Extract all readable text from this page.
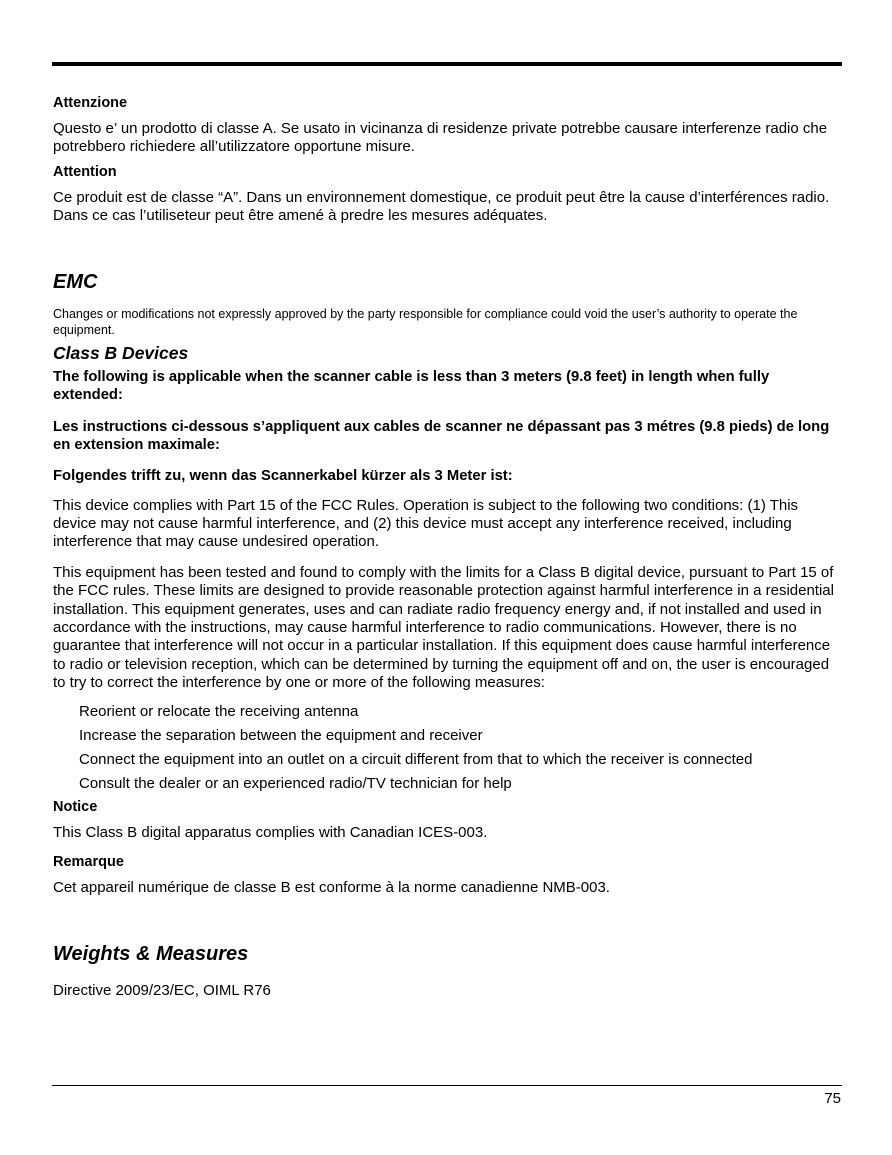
Attenzione

Questo e’ un prodotto di classe A. Se usato in vicinanza di residenze private potrebbe causare interferenze radio che potrebbero richiedere all’utilizzatore opportune misure.

Attention

Ce produit est de classe “A”. Dans un environnement domestique, ce produit peut être la cause d’interférences radio. Dans ce cas l’utiliseteur peut être amené à predre les mesures adéquates.

EMC

Changes or modifications not expressly approved by the party responsible for compliance could void the user’s authority to operate the equipment.

Class B Devices

The following is applicable when the scanner cable is less than 3 meters (9.8 feet) in length when fully extended:

Les instructions ci-dessous s’appliquent aux cables de scanner ne dépassant pas 3 métres (9.8 pieds) de long en extension maximale:

Folgendes trifft zu, wenn das Scannerkabel kürzer als 3 Meter ist:

This device complies with Part 15 of the FCC Rules. Operation is subject to the following two conditions: (1) This device may not cause harmful interference, and (2) this device must accept any interference received, including interference that may cause undesired operation.

This equipment has been tested and found to comply with the limits for a Class B digital device, pursuant to Part 15 of the FCC rules. These limits are designed to provide reasonable protection against harmful interference in a residential installation. This equipment generates, uses and can radiate radio frequency energy and, if not installed and used in accordance with the instructions, may cause harmful interference to radio communications. However, there is no guarantee that interference will not occur in a particular installation. If this equipment does cause harmful interference to radio or television reception, which can be determined by turning the equipment off and on, the user is encouraged to try to correct the interference by one or more of the following measures:

Reorient or relocate the receiving antenna
Increase the separation between the equipment and receiver
Connect the equipment into an outlet on a circuit different from that to which the receiver is connected
Consult the dealer or an experienced radio/TV technician for help

Notice

This Class B digital apparatus complies with Canadian ICES-003.

Remarque

Cet appareil numérique de classe B est conforme à la norme canadienne NMB-003.

Weights & Measures

Directive 2009/23/EC, OIML R76

75
